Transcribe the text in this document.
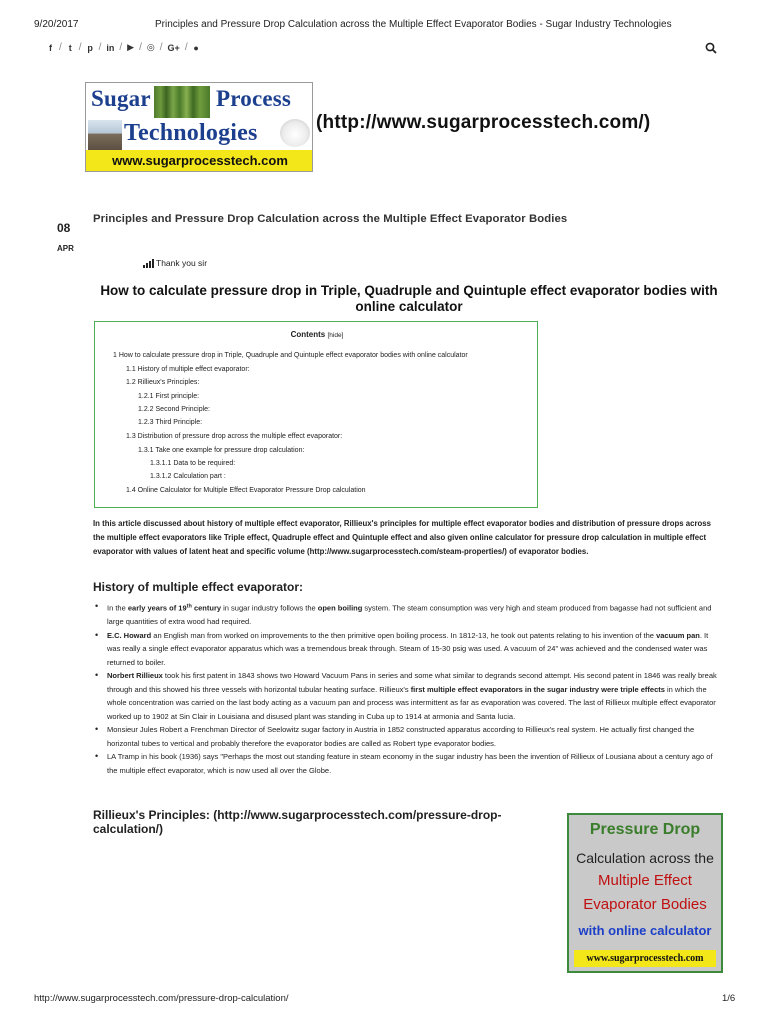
9/20/2017	Principles and Pressure Drop Calculation across the Multiple Effect Evaporator Bodies - Sugar Industry Technologies
f / t / p / in / ▶ / ◎ / G+ / ●
Sugar	Process
Technologies
www.sugarprocesstech.com
(http://www.sugarprocesstech.com/)
08
APR
Principles and Pressure Drop Calculation across the Multiple Effect Evaporator Bodies
Thank you sir
How to calculate pressure drop in Triple, Quadruple and Quintuple effect evaporator bodies with online calculator
Contents [hide]
1 How to calculate pressure drop in Triple, Quadruple and Quintuple effect evaporator bodies with online calculator
1.1 History of multiple effect evaporator:
1.2 Rillieux's Principles:
1.2.1 First principle:
1.2.2 Second Principle:
1.2.3 Third Principle:
1.3 Distribution of pressure drop across the multiple effect evaporator:
1.3.1 Take one example for pressure drop calculation:
1.3.1.1 Data to be required:
1.3.1.2 Calculation part :
1.4 Online Calculator for Multiple Effect Evaporator Pressure Drop calculation

In this article discussed about history of multiple effect evaporator, Rillieux's principles for multiple effect evaporator bodies and distribution of pressure drops across the multiple effect evaporators like Triple effect, Quadruple effect and Quintuple effect and also given online calculator for pressure drop calculation in multiple effect evaporator with values of latent heat and specific volume (http://www.sugarprocesstech.com/steam-properties/) of evaporator bodies.

History of multiple effect evaporator:
• In the early years of 19th century in sugar industry follows the open boiling system. The steam consumption was very high and steam produced from bagasse had not sufficient and large quantities of extra wood had required.
• E.C. Howard an English man from worked on improvements to the then primitive open boiling process. In 1812-13, he took out patents relating to his invention of the vacuum pan. It was really a single effect evaporator apparatus which was a tremendous break through. Steam of 15-30 psig was used. A vacuum of 24" was achieved and the condensed water was returned to boiler.
• Norbert Rillieux took his first patent in 1843 shows two Howard Vacuum Pans in series and some what similar to degrands second attempt. His second patent in 1846 was really break through and this showed his three vessels with horizontal tubular heating surface. Rillieux's first multiple effect evaporators in the sugar industry were triple effects in which the whole concentration was carried on the last body acting as a vacuum pan and process was intermittent as far as evaporation was covered. The last of Rillieux multiple effect evaporator worked up to 1902 at Sin Clair in Louisiana and disused plant was standing in Cuba up to 1914 at armonia and Santa lucia.
• Monsieur Jules Robert a Frenchman Director of Seelowitz sugar factory in Austria in 1852 constructed apparatus according to Rillieux's real system. He actually first changed the horizontal tubes to vertical and probably therefore the evaporator bodies are called as Robert type evaporator bodies.
• LA Tramp in his book (1936) says "Perhaps the most out standing feature in steam economy in the sugar industry has been the invention of Rillieux of Lousiana about a century ago of the multiple effect evaporator, which is now used all over the Globe.
Rillieux's Principles: (http://www.sugarprocesstech.com/pressure-drop-calculation/)	Pressure Drop
Calculation across the
Multiple Effect
Evaporator Bodies
with online calculator
www.sugarprocesstech.com
http://www.sugarprocesstech.com/pressure-drop-calculation/	1/6
